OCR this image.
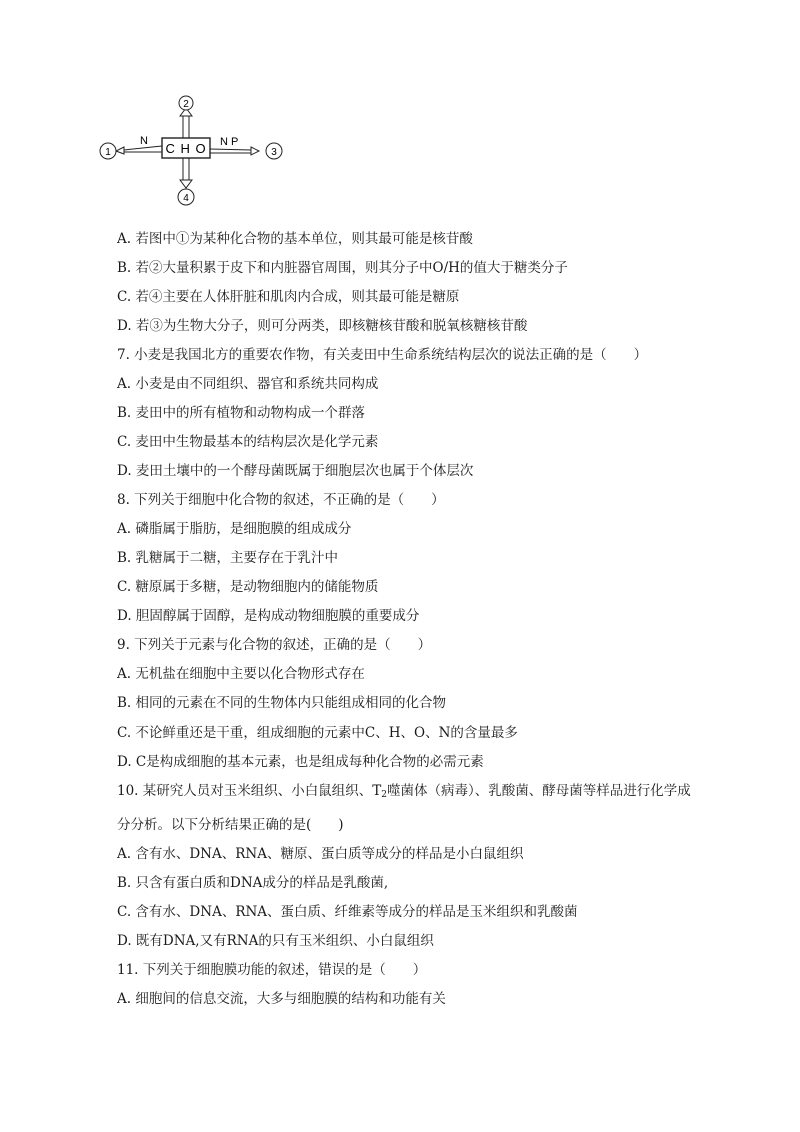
C H O
2
4
N
1
N P
3
A. 若图中①为某种化合物的基本单位，则其最可能是核苷酸
B. 若②大量积累于皮下和内脏器官周围，则其分子中O/H的值大于糖类分子
C. 若④主要在人体肝脏和肌肉内合成，则其最可能是糖原
D. 若③为生物大分子，则可分两类，即核糖核苷酸和脱氧核糖核苷酸
7. 小麦是我国北方的重要农作物，有关麦田中生命系统结构层次的说法正确的是（　　）
A. 小麦是由不同组织、器官和系统共同构成
B. 麦田中的所有植物和动物构成一个群落
C. 麦田中生物最基本的结构层次是化学元素
D. 麦田土壤中的一个酵母菌既属于细胞层次也属于个体层次
8. 下列关于细胞中化合物的叙述，不正确的是（　　）
A. 磷脂属于脂肪，是细胞膜的组成成分
B. 乳糖属于二糖，主要存在于乳汁中
C. 糖原属于多糖，是动物细胞内的储能物质
D. 胆固醇属于固醇，是构成动物细胞膜的重要成分
9. 下列关于元素与化合物的叙述，正确的是（　　）
A. 无机盐在细胞中主要以化合物形式存在
B. 相同的元素在不同的生物体内只能组成相同的化合物
C. 不论鲜重还是干重，组成细胞的元素中C、H、O、N的含量最多
D. C是构成细胞的基本元素，也是组成每种化合物的必需元素
10. 某研究人员对玉米组织、小白鼠组织、$T_2$噬菌体（病毒）、乳酸菌、酵母菌等样品进行化学成
分分析。以下分析结果正确的是(　　)
A. 含有水、DNA、RNA、糖原、蛋白质等成分的样品是小白鼠组织
B. 只含有蛋白质和DNA成分的样品是乳酸菌,
C. 含有水、DNA、RNA、蛋白质、纤维素等成分的样品是玉米组织和乳酸菌
D. 既有DNA,又有RNA的只有玉米组织、小白鼠组织
11. 下列关于细胞膜功能的叙述，错误的是（　　）
A. 细胞间的信息交流，大多与细胞膜的结构和功能有关
